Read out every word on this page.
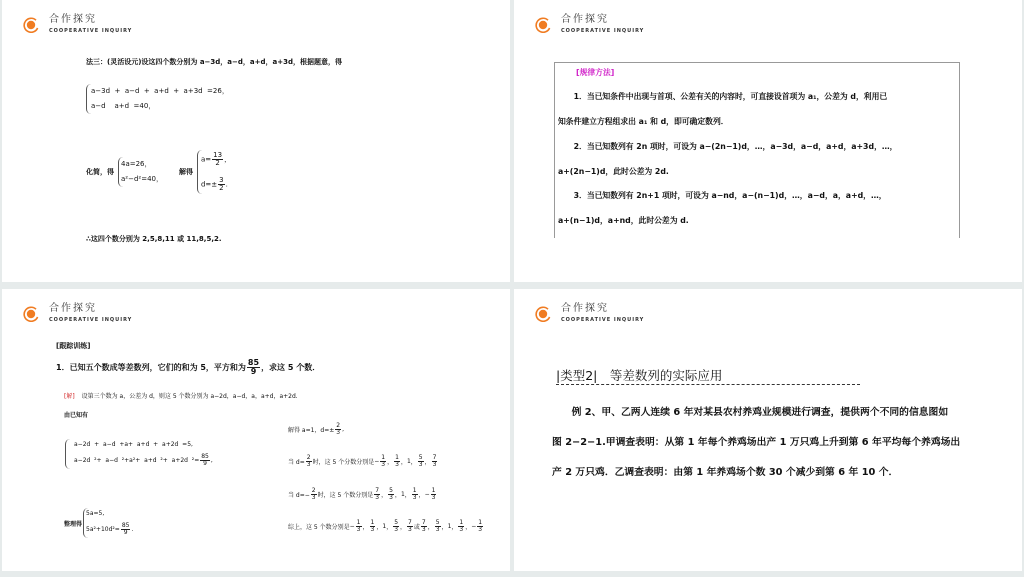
合作探究
COOPERATIVE INQUIRY
法三：(灵活设元)设这四个数分别为 a−3d，a−d，a+d，a+3d，根据题意，得
a−3d  +  a−d  +  a+d  +  a+3d  =26，
a−d    a+d  =40，
化简，得
4a=26，
a²−d²=40，
解得
$a= \frac{13}{2}$ ，
$d=\pm \frac{3}{2}$ .
∴这四个数分别为 2,5,8,11 或 11,8,5,2.
合作探究
COOPERATIVE INQUIRY
[规律方法]
　　1．当已知条件中出现与首项、公差有关的内容时，可直接设首项为 a₁，公差为 d，利用已
知条件建立方程组求出 a₁ 和 d，即可确定数列．
　　2．当已知数列有 2n 项时，可设为 a−(2n−1)d，…，a−3d，a−d，a+d，a+3d，…，
a+(2n−1)d，此时公差为 2d.
　　3．当已知数列有 2n+1 项时，可设为 a−nd，a−(n−1)d，…，a−d，a，a+d，…，
a+(n−1)d，a+nd，此时公差为 d.
合作探究
COOPERATIVE INQUIRY
[跟踪训练]
1．已知五个数成等差数列，它们的和为 5，平方和为 $\frac{85}{9}$ ，求这 5 个数．
[解] 设第三个数为 a，公差为 d，则这 5 个数分别为 a−2d，a−d，a，a+d，a+2d.
由已知有
a−2d  +  a−d  +a+  a+d  +  a+2d  =5,
a−2d  ²+  a−d  ²+a²+  a+d  ²+  a+2d  $^2= \frac{85}{9}$ ,
整理得
5a=5,
$5a^2+10d^2= \frac{85}{9}$ .
解得 a=1，$d=\pm \frac{2}{3}$ ,
当 $d= \frac{2}{3}$ 时，这 5 个分数分别是 − $\frac{1}{3}$ ， $\frac{1}{3}$ ， 1 ， $\frac{5}{3}$ ， $\frac{7}{3}$
当 $d=- \frac{2}{3}$ 时，这 5 个数分别是 $\frac{7}{3}$ ， $\frac{5}{3}$ ， 1 ， $\frac{1}{3}$ ， − $\frac{1}{3}$
综上，这 5 个数分别是 − $\frac{1}{3}$ ， $\frac{1}{3}$ ， 1 ， $\frac{5}{3}$ ， $\frac{7}{3}$ 或 $\frac{7}{3}$ ， $\frac{5}{3}$ ， 1 ， $\frac{1}{3}$ ， − $\frac{1}{3}$
合作探究
COOPERATIVE INQUIRY
|类型2|　等差数列的实际应用
　　例 2、甲、乙两人连续 6 年对某县农村养鸡业规模进行调查，提供两个不同的信息图如
图 2−2−1.甲调查表明：从第 1 年每个养鸡场出产 1 万只鸡上升到第 6 年平均每个养鸡场出
产 2 万只鸡．乙调查表明：由第 1 年养鸡场个数 30 个减少到第 6 年 10 个．
